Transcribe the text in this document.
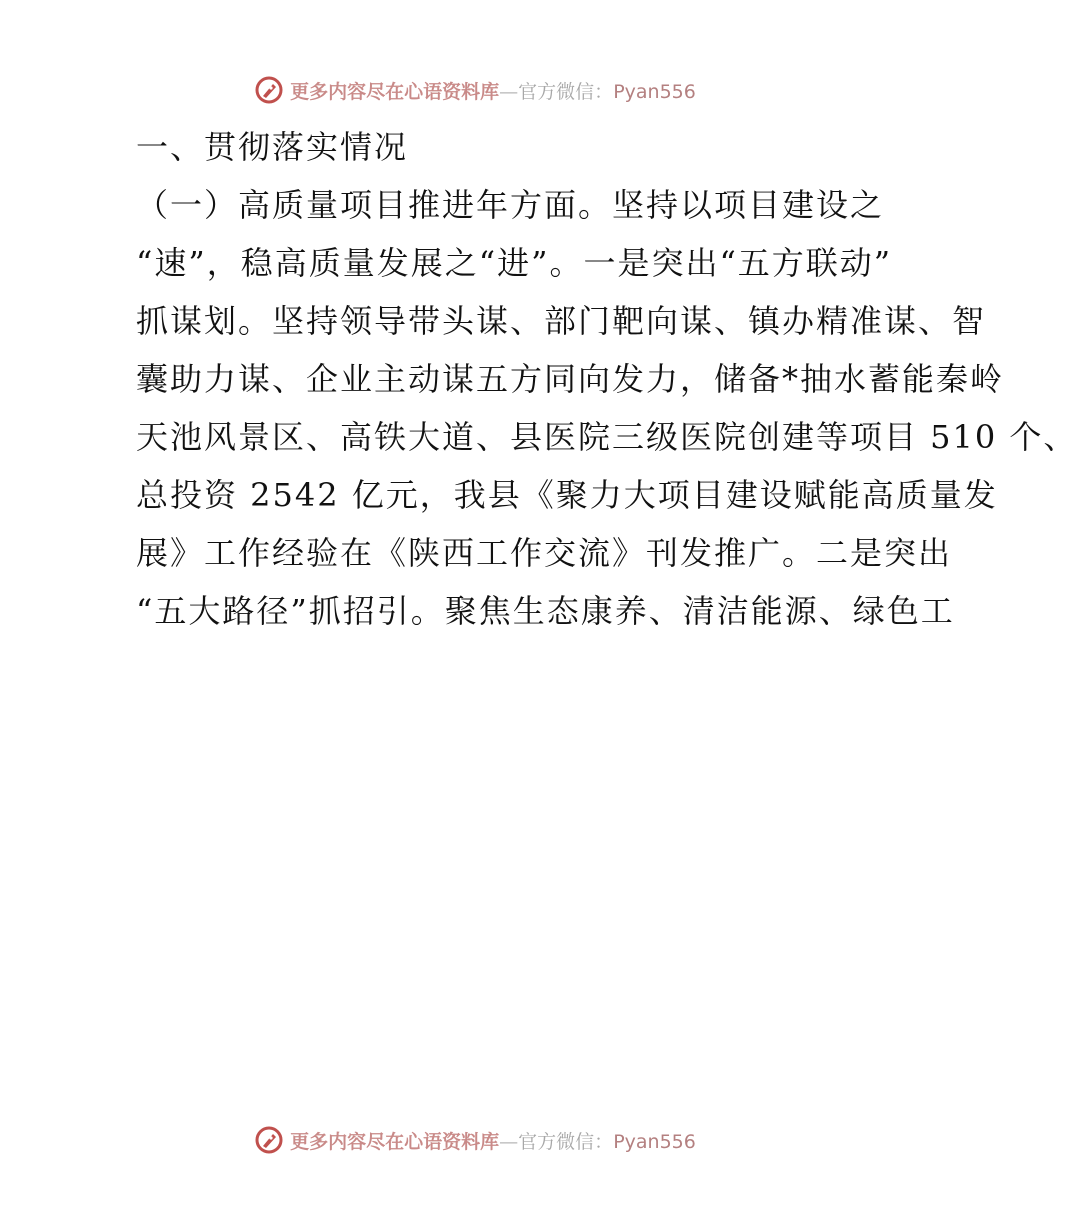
更多内容尽在心语资料库—官方微信：Pyan556
一、贯彻落实情况
（一）高质量项目推进年方面。坚持以项目建设之
“速”，稳高质量发展之“进”。一是突出“五方联动”
抓谋划。坚持领导带头谋、部门靶向谋、镇办精准谋、智
囊助力谋、企业主动谋五方同向发力，储备*抽水蓄能秦岭
天池风景区、高铁大道、县医院三级医院创建等项目 510 个、
总投资 2542 亿元，我县《聚力大项目建设赋能高质量发
展》工作经验在《陕西工作交流》刊发推广。二是突出
“五大路径”抓招引。聚焦生态康养、清洁能源、绿色工
更多内容尽在心语资料库—官方微信：Pyan556
